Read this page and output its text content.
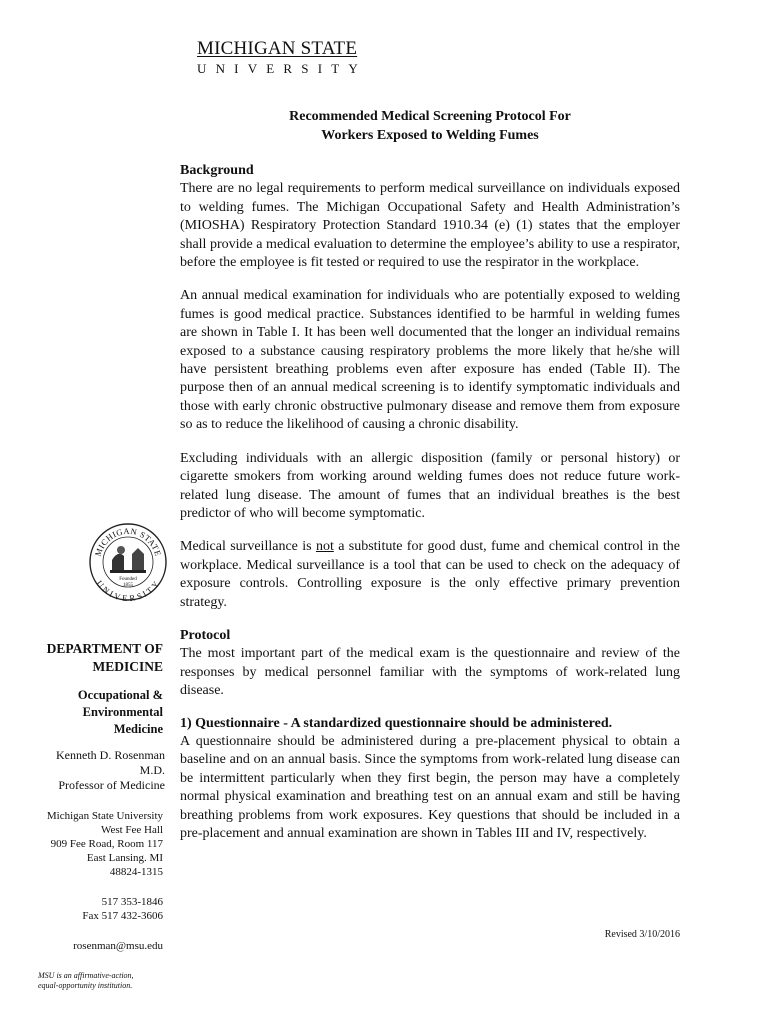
MICHIGAN STATE
UNIVERSITY
Recommended Medical Screening Protocol For
Workers Exposed to Welding Fumes
Background

There are no legal requirements to perform medical surveillance on individuals exposed to welding fumes. The Michigan Occupational Safety and Health Administration’s (MIOSHA) Respiratory Protection Standard 1910.34 (e) (1) states that the employer shall provide a medical evaluation to determine the employee’s ability to use a respirator, before the employee is fit tested or required to use the respirator in the workplace.

An annual medical examination for individuals who are potentially exposed to welding fumes is good medical practice. Substances identified to be harmful in welding fumes are shown in Table I. It has been well documented that the longer an individual remains exposed to a substance causing respiratory problems the more likely that he/she will have persistent breathing problems even after exposure has ended (Table II). The purpose then of an annual medical screening is to identify symptomatic individuals and those with early chronic obstructive pulmonary disease and remove them from exposure so as to reduce the likelihood of causing a chronic disability.

Excluding individuals with an allergic disposition (family or personal history) or cigarette smokers from working around welding fumes does not reduce future work-related lung disease. The amount of fumes that an individual breathes is the best predictor of who will become symptomatic.

Medical surveillance is not a substitute for good dust, fume and chemical control in the workplace. Medical surveillance is a tool that can be used to check on the adequacy of exposure controls. Controlling exposure is the only effective primary prevention strategy.

Protocol

The most important part of the medical exam is the questionnaire and review of the responses by medical personnel familiar with the symptoms of work-related lung disease.

1) Questionnaire - A standardized questionnaire should be administered.

A questionnaire should be administered during a pre-placement physical to obtain a baseline and on an annual basis. Since the symptoms from work-related lung disease can be intermittent particularly when they first begin, the person may have a completely normal physical examination and breathing test on an annual exam and still be having breathing problems from work exposures. Key questions that should be included in a pre-placement and annual examination are shown in Tables III and IV, respectively.

MICHIGAN STATE
UNIVERSITY
Founded
1855
DEPARTMENT OF
MEDICINE
Occupational &
Environmental
Medicine
Kenneth D. Rosenman M.D.
Professor of Medicine
Michigan State University
West Fee Hall
909 Fee Road, Room 117
East Lansing. MI
48824-1315
517 353-1846
Fax 517 432-3606
rosenman@msu.edu
Revised 3/10/2016
MSU is an affirmative-action,
equal-opportunity institution.
